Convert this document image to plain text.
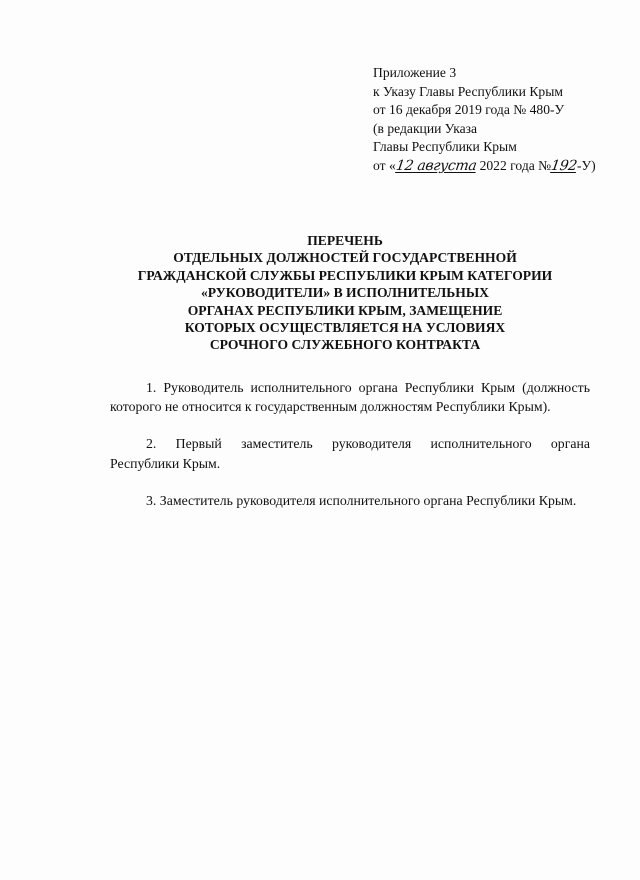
Приложение 3
к Указу Главы Республики Крым
от 16 декабря 2019 года № 480-У
(в редакции Указа
Главы Республики Крым
от «12 августа 2022 года №192-У)
ПЕРЕЧЕНЬ
ОТДЕЛЬНЫХ ДОЛЖНОСТЕЙ ГОСУДАРСТВЕННОЙ
ГРАЖДАНСКОЙ СЛУЖБЫ РЕСПУБЛИКИ КРЫМ КАТЕГОРИИ
«РУКОВОДИТЕЛИ» В ИСПОЛНИТЕЛЬНЫХ
ОРГАНАХ РЕСПУБЛИКИ КРЫМ, ЗАМЕЩЕНИЕ
КОТОРЫХ ОСУЩЕСТВЛЯЕТСЯ НА УСЛОВИЯХ
СРОЧНОГО СЛУЖЕБНОГО КОНТРАКТА
1. Руководитель исполнительного органа Республики Крым (должность
которого не относится к государственным должностям Республики Крым).
2. Первый заместитель руководителя исполнительного органа
Республики Крым.
3. Заместитель руководителя исполнительного органа Республики Крым.
